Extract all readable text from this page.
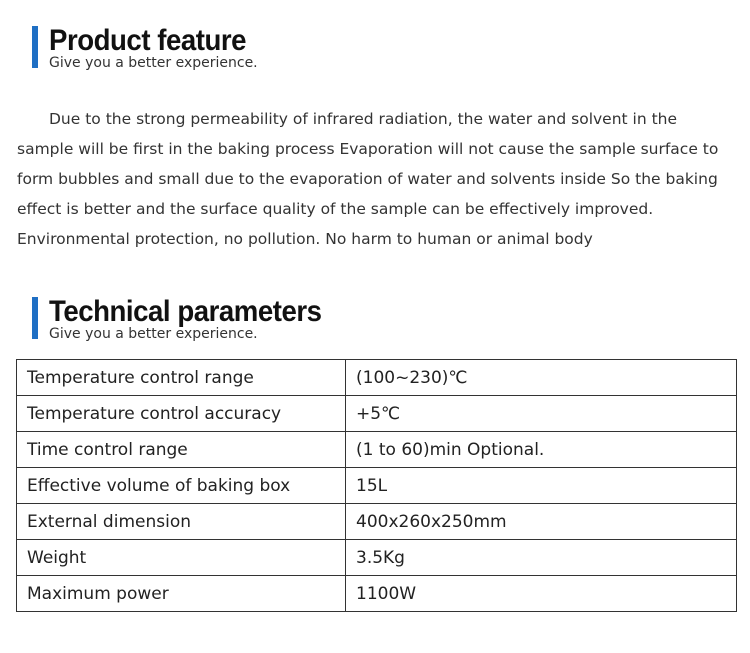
Product feature
Give you a better experience.

Due to the strong permeability of infrared radiation, the water and solvent in the sample will be first in the baking process Evaporation will not cause the sample surface to form bubbles and small due to the evaporation of water and solvents inside So the baking effect is better and the surface quality of the sample can be effectively improved. Environmental protection, no pollution. No harm to human or animal body

Technical parameters
Give you a better experience.
Temperature control range	(100~230)℃
Temperature control accuracy	+5℃
Time control range	(1 to 60)min Optional.
Effective volume of baking box	15L
External dimension	400x260x250mm
Weight	3.5Kg
Maximum power	1100W
